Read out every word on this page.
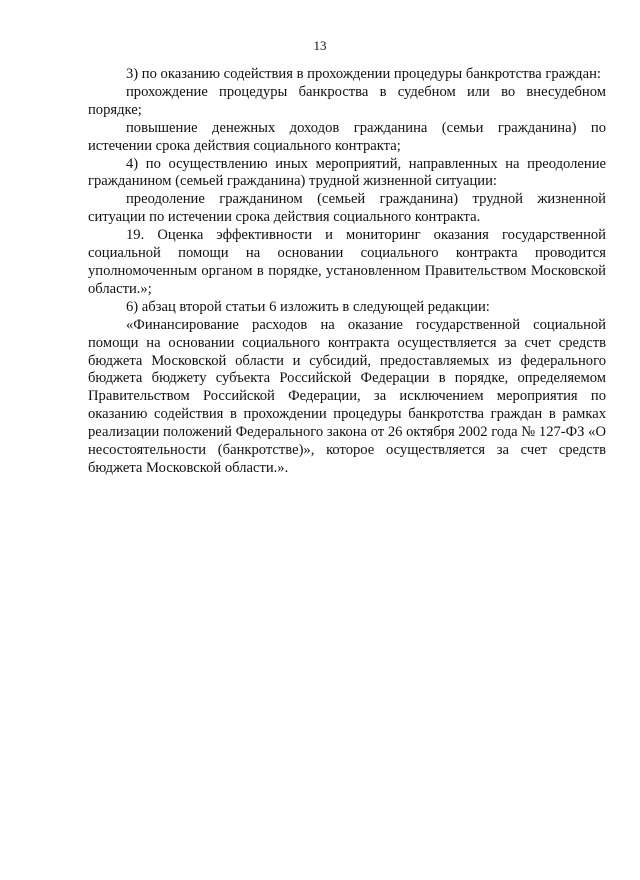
13

3) по оказанию содействия в прохождении процедуры банкротства граждан:

прохождение процедуры банкроства в судебном или во внесудебном порядке;

повышение денежных доходов гражданина (семьи гражданина) по истечении срока действия социального контракта;

4) по осуществлению иных мероприятий, направленных на преодоление гражданином (семьей гражданина) трудной жизненной ситуации:

преодоление гражданином (семьей гражданина) трудной жизненной ситуации по истечении срока действия социального контракта.

19. Оценка эффективности и мониторинг оказания государственной социальной помощи на основании социального контракта проводится уполномоченным органом в порядке, установленном Правительством Московской области.»;

6) абзац второй статьи 6 изложить в следующей редакции:

«Финансирование расходов на оказание государственной социальной помощи на основании социального контракта осуществляется за счет средств бюджета Московской области и субсидий, предоставляемых из федерального бюджета бюджету субъекта Российской Федерации в порядке, определяемом Правительством Российской Федерации, за исключением мероприятия по оказанию содействия в прохождении процедуры банкротства граждан в рамках реализации положений Федерального закона от 26 октября 2002 года № 127-ФЗ «О несостоятельности (банкротстве)», которое осуществляется за счет средств бюджета Московской области.».
